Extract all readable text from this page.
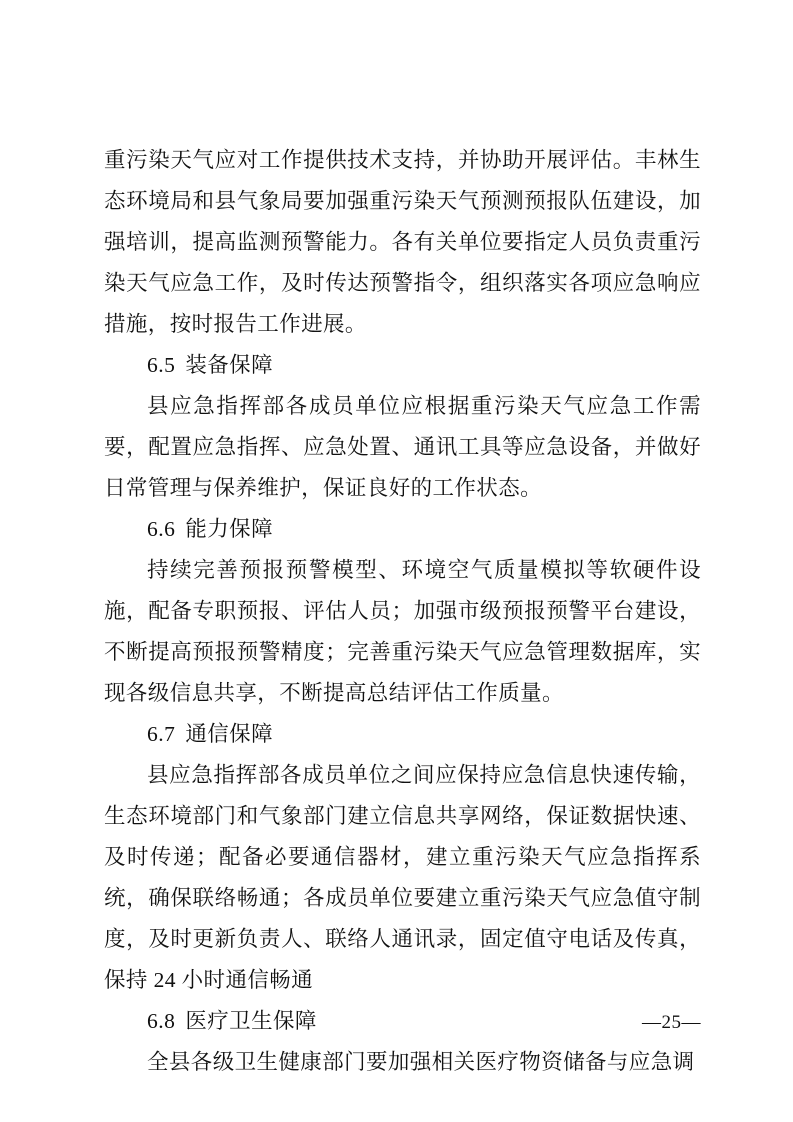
重污染天气应对工作提供技术支持，并协助开展评估。丰林生态环境局和县气象局要加强重污染天气预测预报队伍建设，加强培训，提高监测预警能力。各有关单位要指定人员负责重污染天气应急工作，及时传达预警指令，组织落实各项应急响应措施，按时报告工作进展。

6.5 装备保障

县应急指挥部各成员单位应根据重污染天气应急工作需要，配置应急指挥、应急处置、通讯工具等应急设备，并做好日常管理与保养维护，保证良好的工作状态。

6.6 能力保障

持续完善预报预警模型、环境空气质量模拟等软硬件设施，配备专职预报、评估人员；加强市级预报预警平台建设，不断提高预报预警精度；完善重污染天气应急管理数据库，实现各级信息共享，不断提高总结评估工作质量。

6.7 通信保障

县应急指挥部各成员单位之间应保持应急信息快速传输，生态环境部门和气象部门建立信息共享网络，保证数据快速、及时传递；配备必要通信器材，建立重污染天气应急指挥系统，确保联络畅通；各成员单位要建立重污染天气应急值守制度，及时更新负责人、联络人通讯录，固定值守电话及传真，保持 24 小时通信畅通

6.8 医疗卫生保障

全县各级卫生健康部门要加强相关医疗物资储备与应急调

—25—
